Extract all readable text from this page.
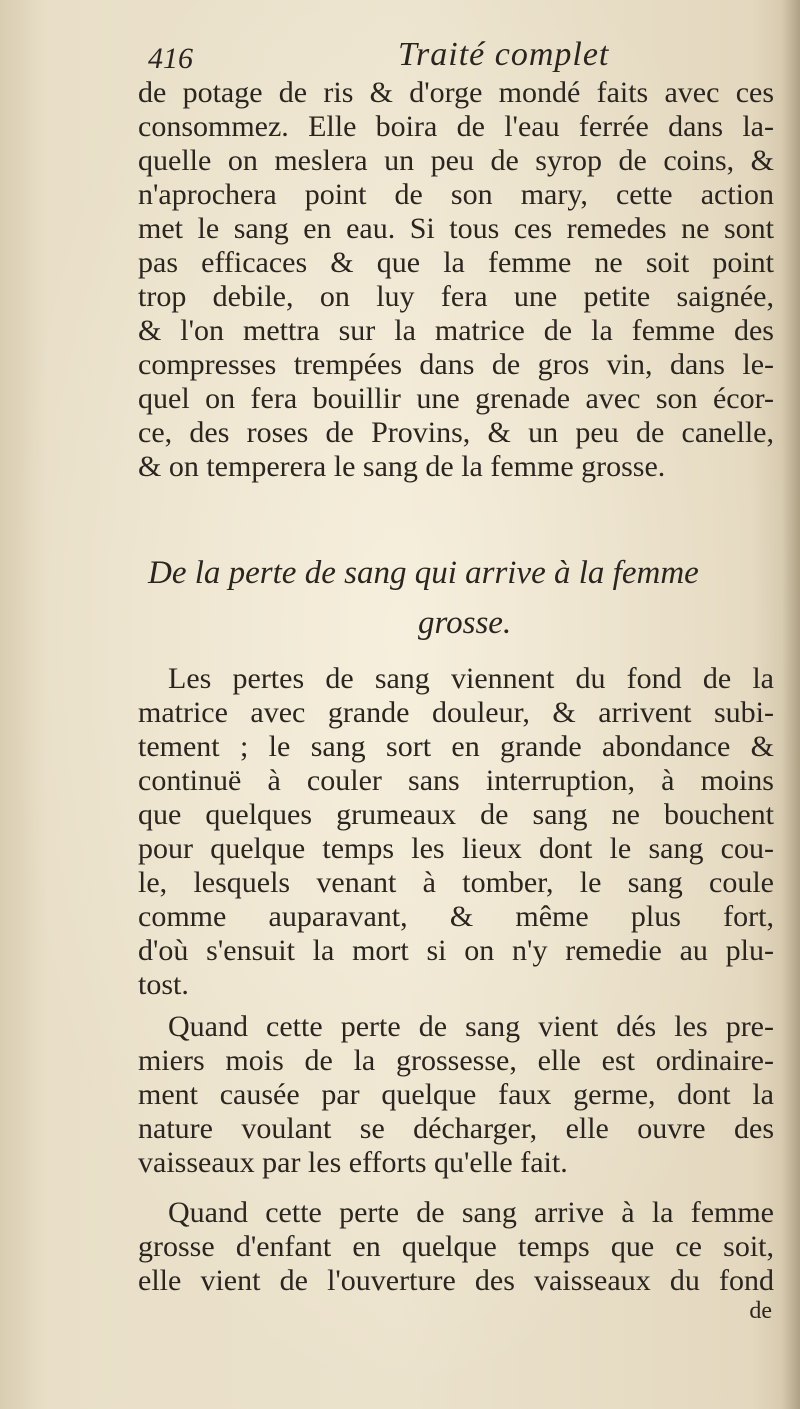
416	Traité complet
de potage de ris & d'orge mondé faits avec ces
consommez. Elle boira de l'eau ferrée dans la-
quelle on meslera un peu de syrop de coins, &
n'aprochera point de son mary, cette action
met le sang en eau. Si tous ces remedes ne sont
pas efficaces & que la femme ne soit point
trop debile, on luy fera une petite saignée,
& l'on mettra sur la matrice de la femme des
compresses trempées dans de gros vin, dans le-
quel on fera bouillir une grenade avec son écor-
ce, des roses de Provins, & un peu de canelle,
& on temperera le sang de la femme grosse.
De la perte de sang qui arrive à la femme
grosse.
Les pertes de sang viennent du fond de la
matrice avec grande douleur, & arrivent subi-
tement ; le sang sort en grande abondance &
continuë à couler sans interruption, à moins
que quelques grumeaux de sang ne bouchent
pour quelque temps les lieux dont le sang cou-
le, lesquels venant à tomber, le sang coule
comme auparavant, & même plus fort,
d'où s'ensuit la mort si on n'y remedie au plu-
tost.
Quand cette perte de sang vient dés les pre-
miers mois de la grossesse, elle est ordinaire-
ment causée par quelque faux germe, dont la
nature voulant se décharger, elle ouvre des
vaisseaux par les efforts qu'elle fait.
Quand cette perte de sang arrive à la femme
grosse d'enfant en quelque temps que ce soit,
elle vient de l'ouverture des vaisseaux du fond
de
